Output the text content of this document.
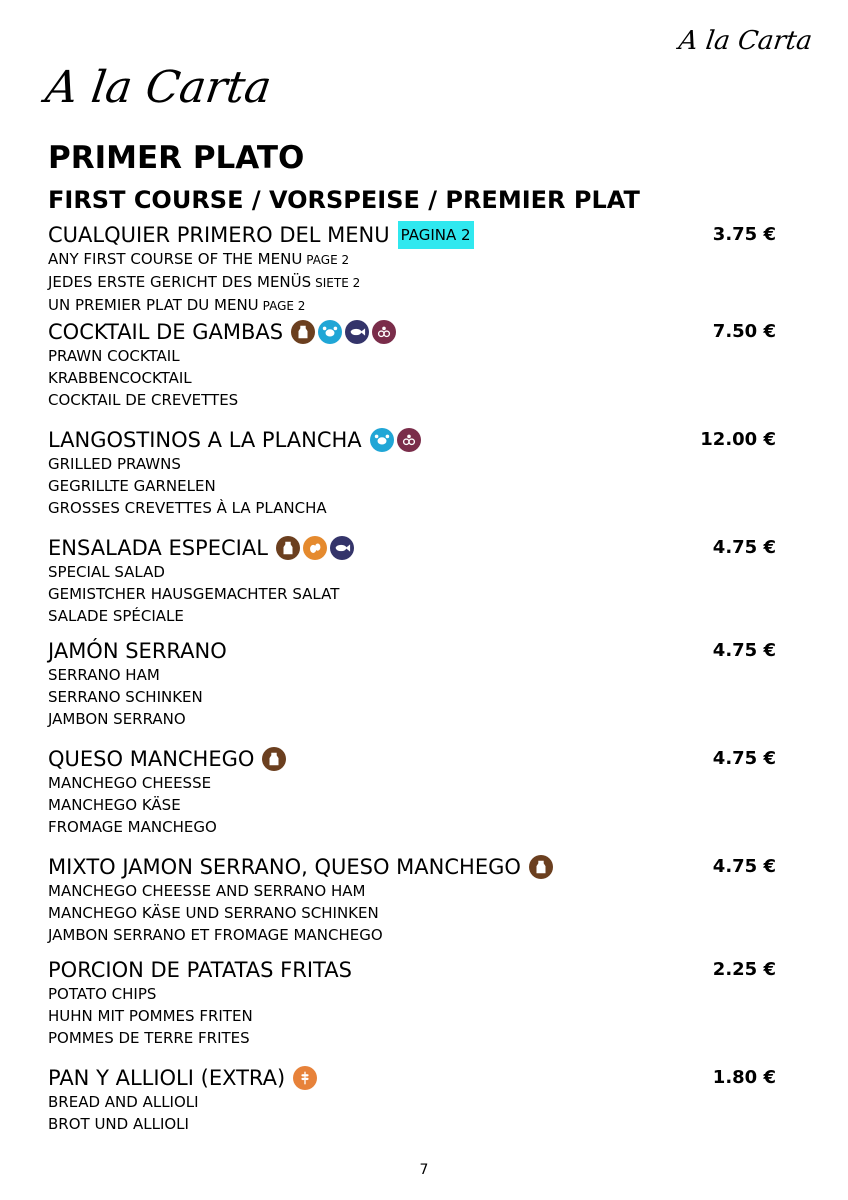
A la Carta
A la Carta
PRIMER PLATO
FIRST COURSE / VORSPEISE / PREMIER PLAT
CUALQUIER PRIMERO DEL MENU PAGINA 2	3.75 €
ANY FIRST COURSE OF THE MENU PAGE 2
JEDES ERSTE GERICHT DES MENÜS SIETE 2
UN PREMIER PLAT DU MENU PAGE 2
COCKTAIL DE GAMBAS	7.50 €
PRAWN COCKTAIL
KRABBENCOCKTAIL
COCKTAIL DE CREVETTES
LANGOSTINOS A LA PLANCHA	12.00 €
GRILLED PRAWNS
GEGRILLTE GARNELEN
GROSSES CREVETTES À LA PLANCHA
ENSALADA ESPECIAL	4.75 €
SPECIAL SALAD
GEMISTCHER HAUSGEMACHTER SALAT
SALADE SPÉCIALE
JAMÓN SERRANO	4.75 €
SERRANO HAM
SERRANO SCHINKEN
JAMBON SERRANO
QUESO MANCHEGO	4.75 €
MANCHEGO CHEESSE
MANCHEGO KÄSE
FROMAGE MANCHEGO
MIXTO JAMON SERRANO, QUESO MANCHEGO	4.75 €
MANCHEGO CHEESSE AND SERRANO HAM
MANCHEGO KÄSE UND SERRANO SCHINKEN
JAMBON SERRANO ET FROMAGE MANCHEGO
PORCION DE PATATAS FRITAS	2.25 €
POTATO CHIPS
HUHN MIT POMMES FRITEN
POMMES DE TERRE FRITES
PAN Y ALLIOLI (EXTRA)	1.80 €
BREAD AND ALLIOLI
BROT UND ALLIOLI
7
